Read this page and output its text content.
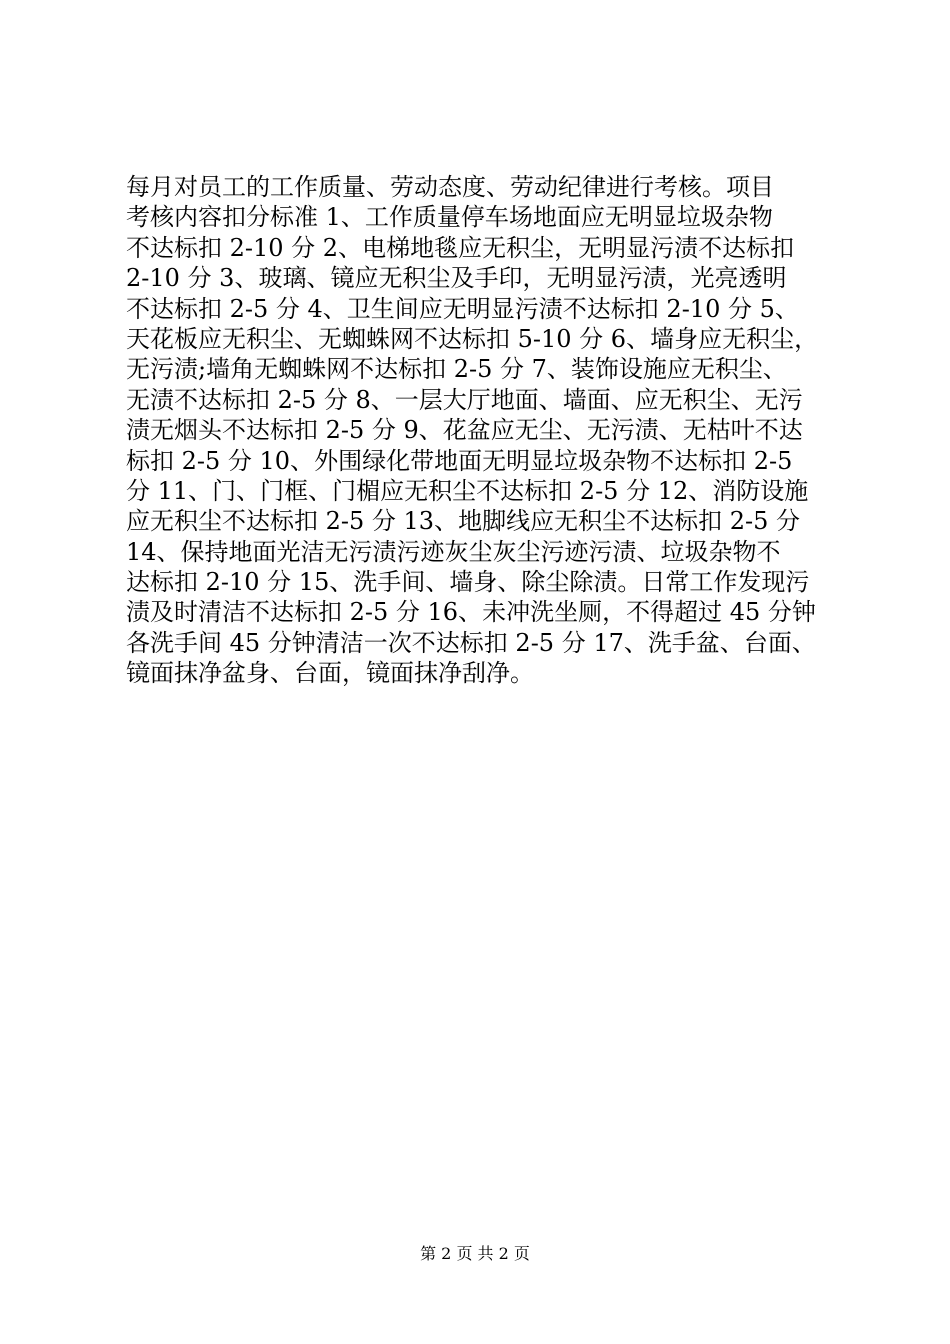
每月对员工的工作质量、劳动态度、劳动纪律进行考核。项目
考核内容扣分标准 1、工作质量停车场地面应无明显垃圾杂物
不达标扣 2-10 分 2、电梯地毯应无积尘，无明显污渍不达标扣
2-10 分 3、玻璃、镜应无积尘及手印，无明显污渍，光亮透明
不达标扣 2-5 分 4、卫生间应无明显污渍不达标扣 2-10 分 5、
天花板应无积尘、无蜘蛛网不达标扣 5-10 分 6、墙身应无积尘，
无污渍;墙角无蜘蛛网不达标扣 2-5 分 7、装饰设施应无积尘、
无渍不达标扣 2-5 分 8、一层大厅地面、墙面、应无积尘、无污
渍无烟头不达标扣 2-5 分 9、花盆应无尘、无污渍、无枯叶不达
标扣 2-5 分 10、外围绿化带地面无明显垃圾杂物不达标扣 2-5
分 11、门、门框、门楣应无积尘不达标扣 2-5 分 12、消防设施
应无积尘不达标扣 2-5 分 13、地脚线应无积尘不达标扣 2-5 分
14、保持地面光洁无污渍污迹灰尘灰尘污迹污渍、垃圾杂物不
达标扣 2-10 分 15、洗手间、墙身、除尘除渍。日常工作发现污
渍及时清洁不达标扣 2-5 分 16、未冲洗坐厕，不得超过 45 分钟
各洗手间 45 分钟清洁一次不达标扣 2-5 分 17、洗手盆、台面、
镜面抹净盆身、台面，镜面抹净刮净。
第 2 页 共 2 页
